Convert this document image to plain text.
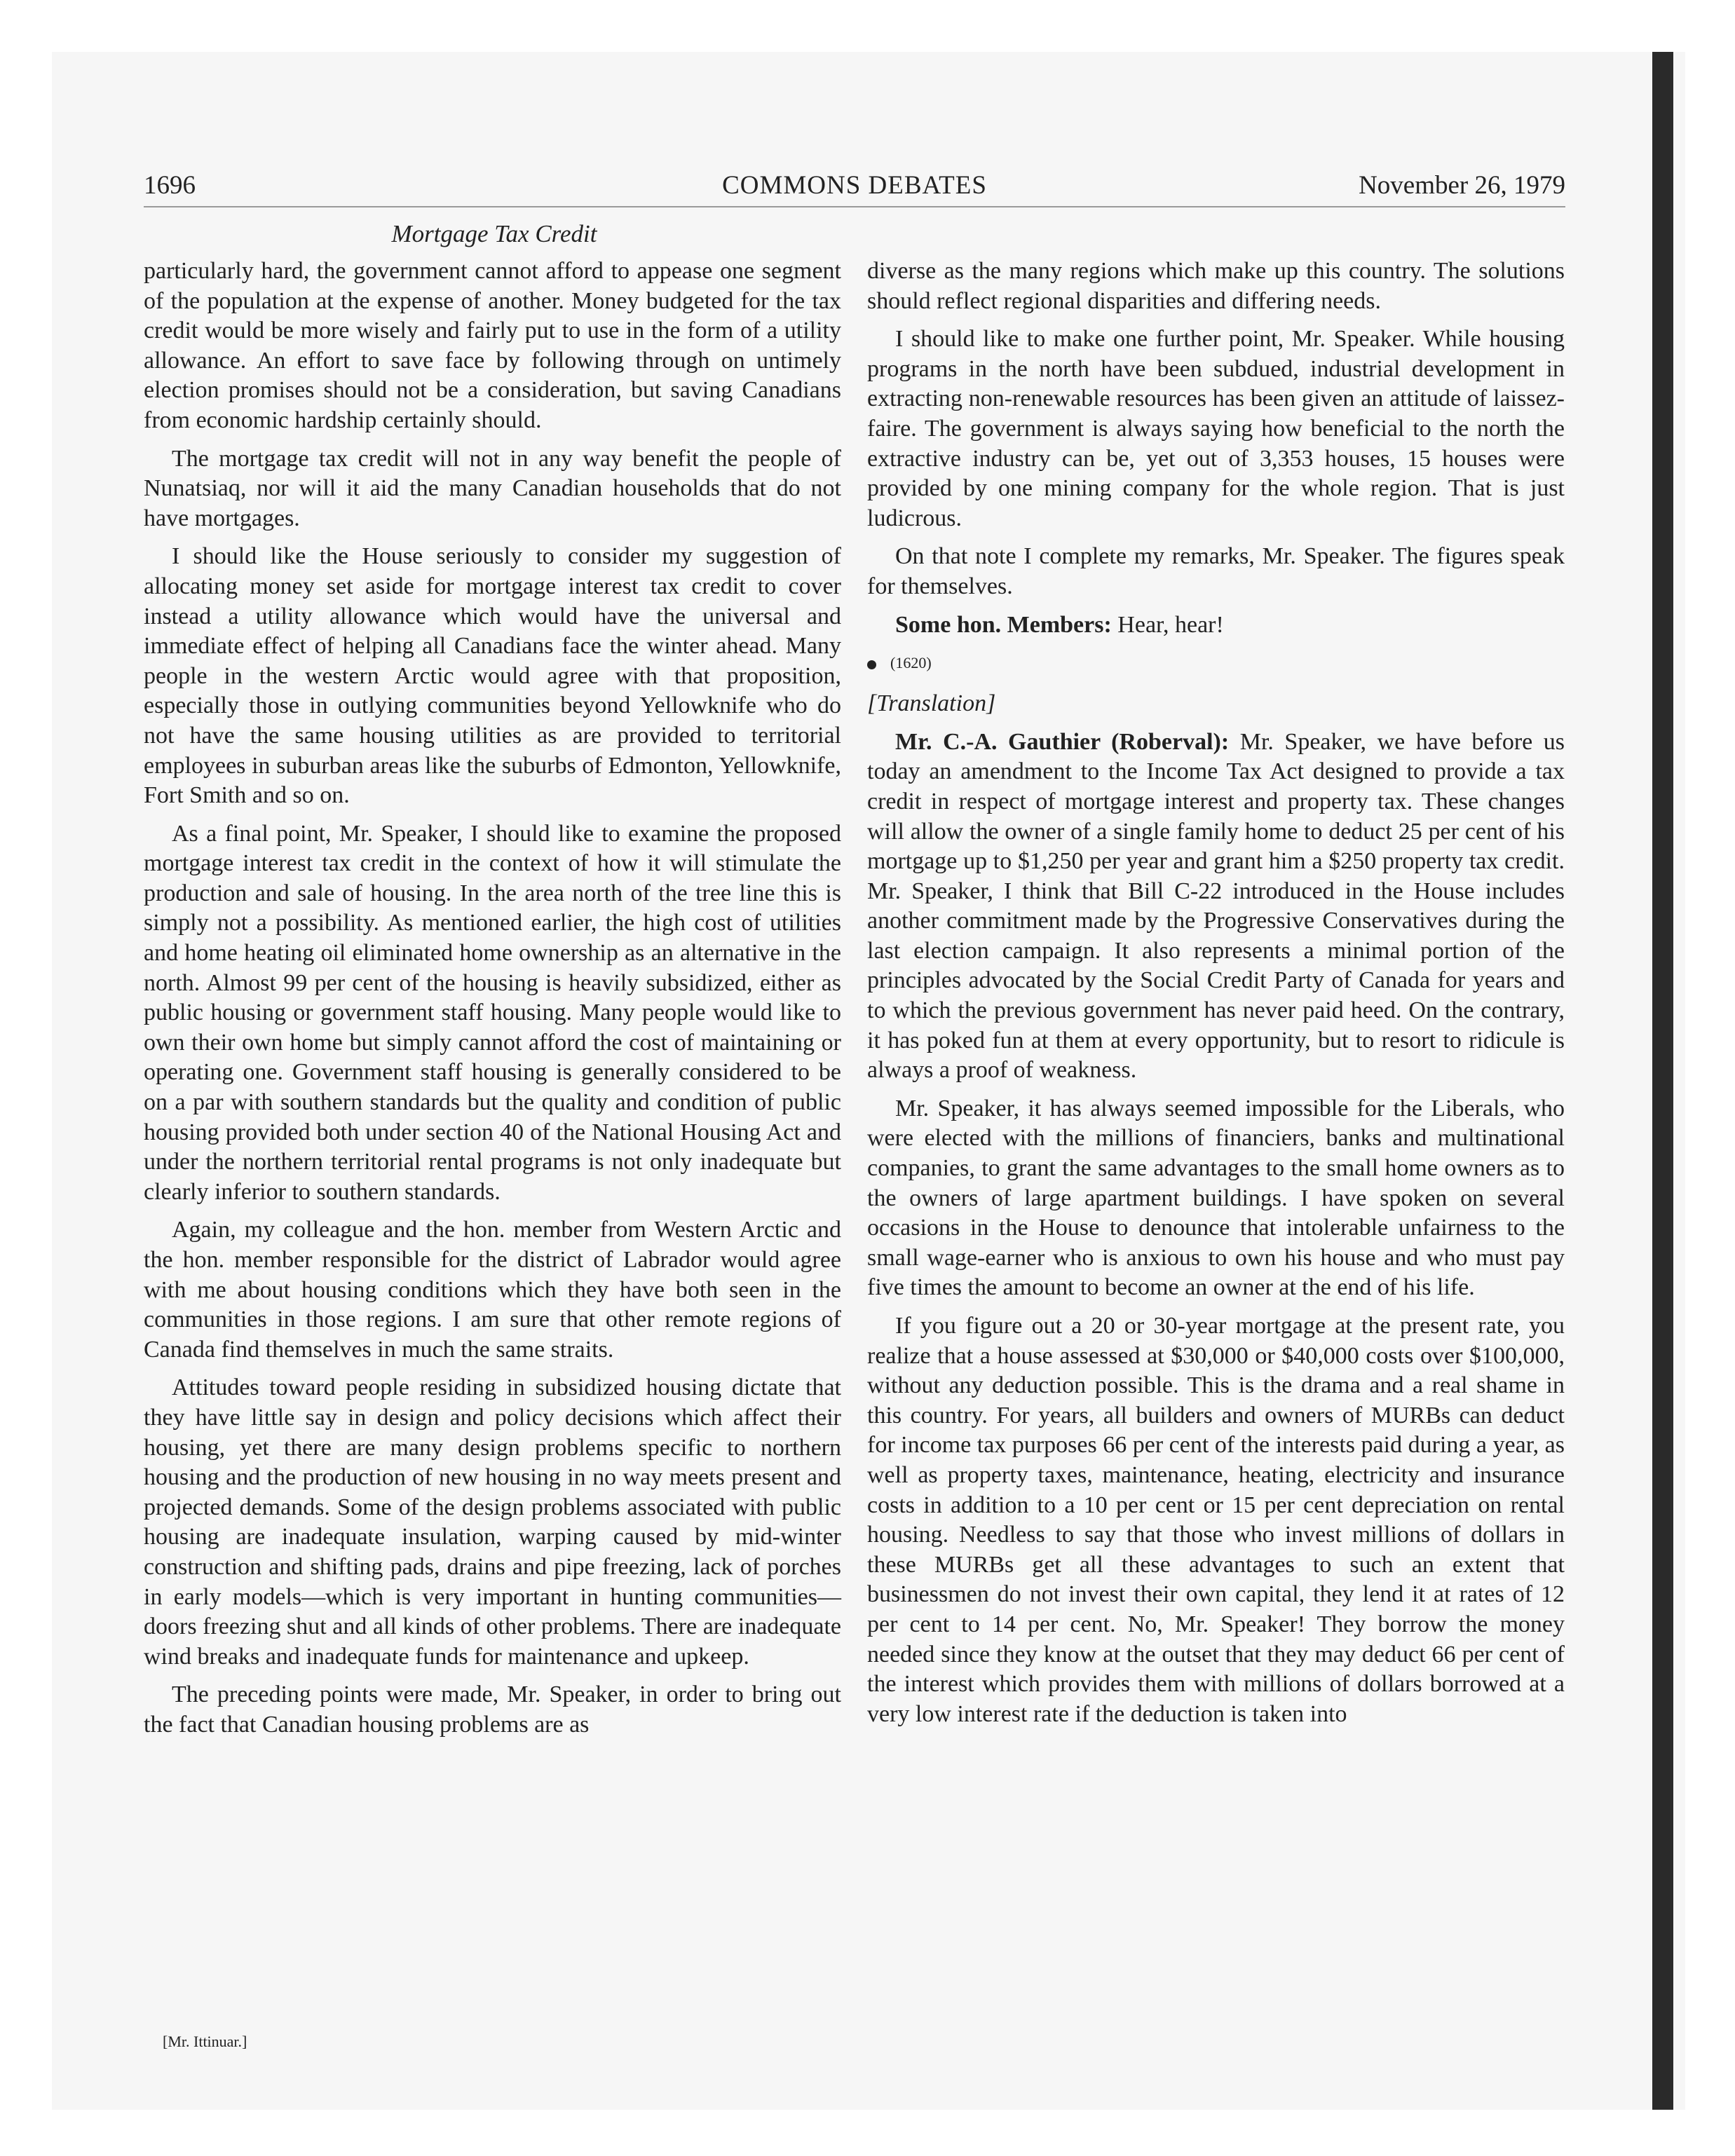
1696	COMMONS DEBATES	November 26, 1979
Mortgage Tax Credit

particularly hard, the government cannot afford to appease one segment of the population at the expense of another. Money budgeted for the tax credit would be more wisely and fairly put to use in the form of a utility allowance. An effort to save face by following through on untimely election promises should not be a consideration, but saving Canadians from economic hardship certainly should.

The mortgage tax credit will not in any way benefit the people of Nunatsiaq, nor will it aid the many Canadian households that do not have mortgages.

I should like the House seriously to consider my suggestion of allocating money set aside for mortgage interest tax credit to cover instead a utility allowance which would have the universal and immediate effect of helping all Canadians face the winter ahead. Many people in the western Arctic would agree with that proposition, especially those in outlying communities beyond Yellowknife who do not have the same housing utilities as are provided to territorial employees in suburban areas like the suburbs of Edmonton, Yellowknife, Fort Smith and so on.

As a final point, Mr. Speaker, I should like to examine the proposed mortgage interest tax credit in the context of how it will stimulate the production and sale of housing. In the area north of the tree line this is simply not a possibility. As mentioned earlier, the high cost of utilities and home heating oil eliminated home ownership as an alternative in the north. Almost 99 per cent of the housing is heavily subsidized, either as public housing or government staff housing. Many people would like to own their own home but simply cannot afford the cost of maintaining or operating one. Government staff housing is generally considered to be on a par with southern standards but the quality and condition of public housing provided both under section 40 of the National Housing Act and under the northern territorial rental programs is not only inadequate but clearly inferior to southern standards.

Again, my colleague and the hon. member from Western Arctic and the hon. member responsible for the district of Labrador would agree with me about housing conditions which they have both seen in the communities in those regions. I am sure that other remote regions of Canada find themselves in much the same straits.

Attitudes toward people residing in subsidized housing dictate that they have little say in design and policy decisions which affect their housing, yet there are many design problems specific to northern housing and the production of new housing in no way meets present and projected demands. Some of the design problems associated with public housing are inadequate insulation, warping caused by mid-winter construction and shifting pads, drains and pipe freezing, lack of porches in early models—which is very important in hunting communities—doors freezing shut and all kinds of other problems. There are inadequate wind breaks and inadequate funds for maintenance and upkeep.

The preceding points were made, Mr. Speaker, in order to bring out the fact that Canadian housing problems are as

diverse as the many regions which make up this country. The solutions should reflect regional disparities and differing needs.

I should like to make one further point, Mr. Speaker. While housing programs in the north have been subdued, industrial development in extracting non-renewable resources has been given an attitude of laissez-faire. The government is always saying how beneficial to the north the extractive industry can be, yet out of 3,353 houses, 15 houses were provided by one mining company for the whole region. That is just ludicrous.

On that note I complete my remarks, Mr. Speaker. The figures speak for themselves.

Some hon. Members: Hear, hear!

(1620)
[Translation]

Mr. C.-A. Gauthier (Roberval): Mr. Speaker, we have before us today an amendment to the Income Tax Act designed to provide a tax credit in respect of mortgage interest and property tax. These changes will allow the owner of a single family home to deduct 25 per cent of his mortgage up to $1,250 per year and grant him a $250 property tax credit. Mr. Speaker, I think that Bill C-22 introduced in the House includes another commitment made by the Progressive Conservatives during the last election campaign. It also represents a minimal portion of the principles advocated by the Social Credit Party of Canada for years and to which the previous government has never paid heed. On the contrary, it has poked fun at them at every opportunity, but to resort to ridicule is always a proof of weakness.

Mr. Speaker, it has always seemed impossible for the Liberals, who were elected with the millions of financiers, banks and multinational companies, to grant the same advantages to the small home owners as to the owners of large apartment buildings. I have spoken on several occasions in the House to denounce that intolerable unfairness to the small wage-earner who is anxious to own his house and who must pay five times the amount to become an owner at the end of his life.

If you figure out a 20 or 30-year mortgage at the present rate, you realize that a house assessed at $30,000 or $40,000 costs over $100,000, without any deduction possible. This is the drama and a real shame in this country. For years, all builders and owners of MURBs can deduct for income tax purposes 66 per cent of the interests paid during a year, as well as property taxes, maintenance, heating, electricity and insurance costs in addition to a 10 per cent or 15 per cent depreciation on rental housing. Needless to say that those who invest millions of dollars in these MURBs get all these advantages to such an extent that businessmen do not invest their own capital, they lend it at rates of 12 per cent to 14 per cent. No, Mr. Speaker! They borrow the money needed since they know at the outset that they may deduct 66 per cent of the interest which provides them with millions of dollars borrowed at a very low interest rate if the deduction is taken into

[Mr. Ittinuar.]
